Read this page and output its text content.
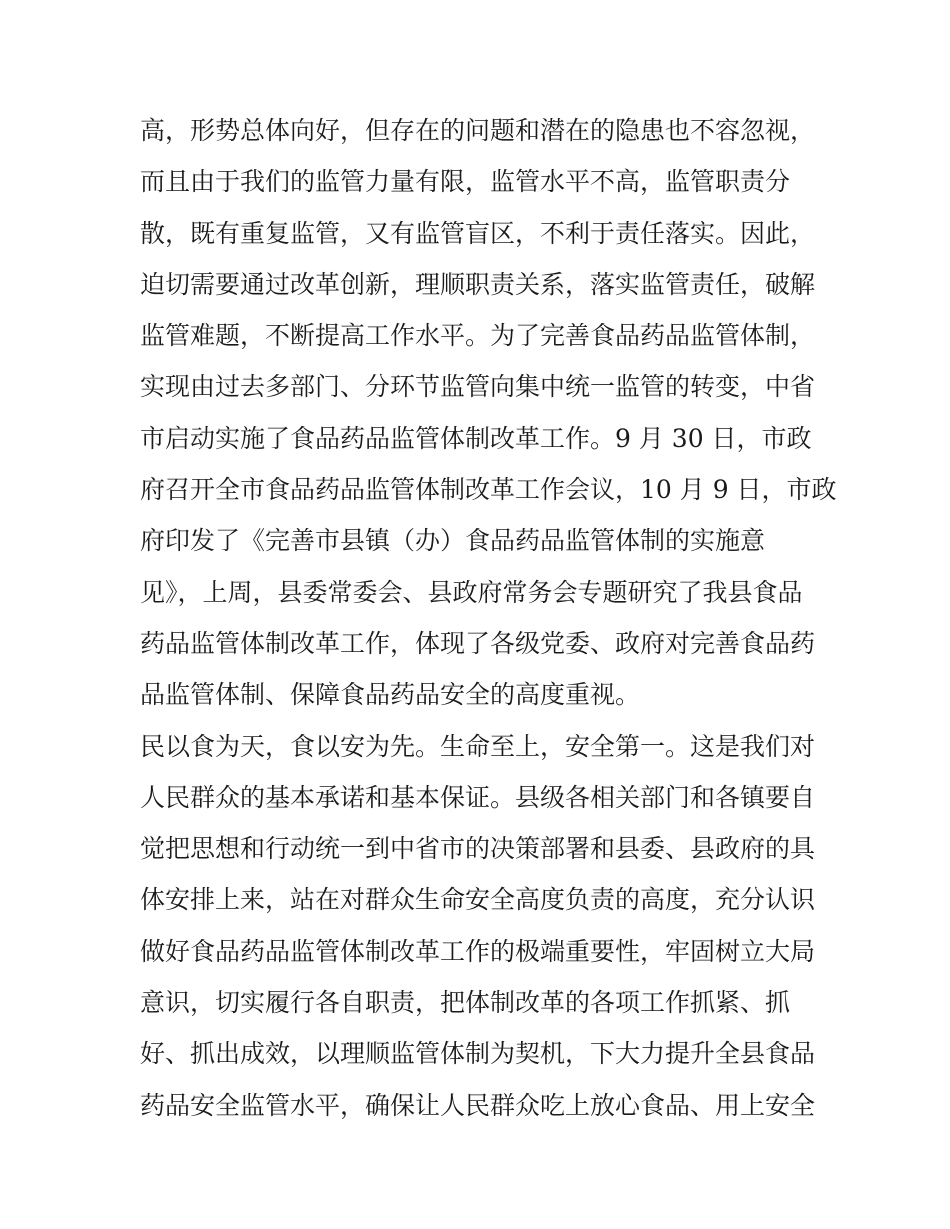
高，形势总体向好，但存在的问题和潜在的隐患也不容忽视，
而且由于我们的监管力量有限，监管水平不高，监管职责分
散，既有重复监管，又有监管盲区，不利于责任落实。因此，
迫切需要通过改革创新，理顺职责关系，落实监管责任，破解
监管难题，不断提高工作水平。为了完善食品药品监管体制，
实现由过去多部门、分环节监管向集中统一监管的转变，中省
市启动实施了食品药品监管体制改革工作。9 月 30 日，市政
府召开全市食品药品监管体制改革工作会议，10 月 9 日，市政
府印发了《完善市县镇（办）食品药品监管体制的实施意
见》，上周，县委常委会、县政府常务会专题研究了我县食品
药品监管体制改革工作，体现了各级党委、政府对完善食品药
品监管体制、保障食品药品安全的高度重视。
民以食为天，食以安为先。生命至上，安全第一。这是我们对
人民群众的基本承诺和基本保证。县级各相关部门和各镇要自
觉把思想和行动统一到中省市的决策部署和县委、县政府的具
体安排上来，站在对群众生命安全高度负责的高度，充分认识
做好食品药品监管体制改革工作的极端重要性，牢固树立大局
意识，切实履行各自职责，把体制改革的各项工作抓紧、抓
好、抓出成效，以理顺监管体制为契机，下大力提升全县食品
药品安全监管水平，确保让人民群众吃上放心食品、用上安全
